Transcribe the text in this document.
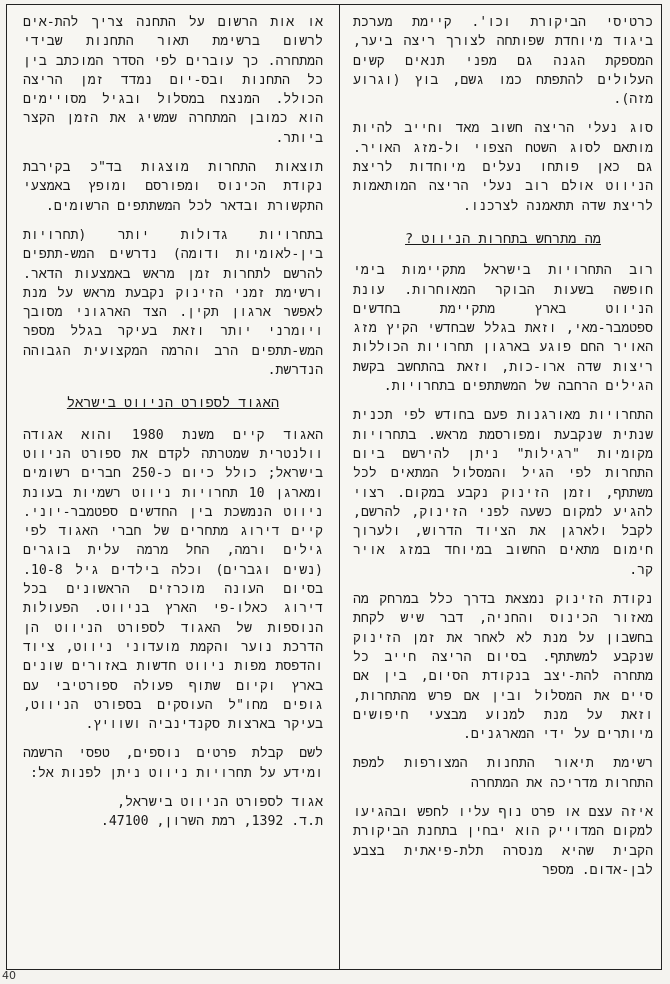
כרטיסי הביקורת וכו'. קיימת מערכת ביגוד מיוחדת שפותחה לצורך ריצה ביער, המספקת הגנה גם מפני תנאים קשים העלולים להתפתח כמו גשם, בוץ (וגרוע מזה).

סוג נעלי הריצה חשוב מאד וחייב להיות מותאם לסוג השטח הצפוי ול-מזג האויר. גם כאן פותחו נעלים מיוחדות לריצת הניווט אולם רוב נעלי הריצה המותאמות לריצת שדה תתאמנה לצרכנו.

מה מתרחש בתחרות הניווט ?

רוב התחרויות בישראל מתקיימות בימי חופשה בשעות הבוקר המאוחרות. עונת הניווט בארץ מתקיימת בחדשים ספטמבר-מאי, וזאת בגלל שבחדשי הקיץ מזג האויר החם פוגע בארגון תחרויות הכוללות ריצות שדה ארו-כות, וזאת בהתחשב בקשת הגילים הרחבה של המשתתפים בתחרויות.

התחרויות מאורגנות פעם בחודש לפי תכנית שנתית שנקבעת ומפורסמת מראש. בתחרויות מקומיות "רגילות" ניתן להירשם ביום התחרות לפי הגיל והמסלול המתאים לכל משתתף, וזמן הזינוק נקבע במקום. רצוי להגיע למקום כשעה לפני הזינוק, להרשם, לקבל ולארגן את הציוד הדרוש, ולערוך חימום מתאים החשוב במיוחד במזג אויר קר.

נקודת הזינוק נמצאת בדרך כלל במרחק מה מאזור הכינוס והחניה, דבר שיש לקחת בחשבון על מנת לא לאחר את זמן הזינוק שנקבע למשתתף. בסיום הריצה חייב כל מתחרה להת-יצב בנקודת הסיום, בין אם סיים את המסלול ובין אם פרש מהתחרות, וזאת על מנת למנוע מבצעי חיפושים מיותרים על ידי המארגנים.

רשימת תיאור התחנות המצורפות למפת התחרות מדריכה את המתחרה

איזה עצם או פרט נוף עליו לחפש ובהגיעו למקום המדוייק הוא יבחין בתחנת הביקורת הקבית שהיא מנסרה תלת-פיאתית בצבע לבן-אדום. מספר

או אות הרשום על התחנה צריך להת-אים לרשום ברשימת תאור התחנות שבידי המתחרה. כך עוברים לפי הסדר המוכתב בין כל התחנות ובס-יום נמדד זמן הריצה הכולל. המנצח במסלול ובגיל מסויימים הוא כמובן המתחרה שמשיג את הזמן הקצר ביותר.

תוצאות התחרות מוצגות בד"כ בקירבת נקודת הכינוס ומפורסם ומופץ באמצעי התקשורת ובדאר לכל המשתתפים הרשומים.

בתחרויות גדולות יותר (תחרויות בין-לאומיות ודומה) נדרשים המש-תתפים להרשם לתחרות זמן מראש באמצעות הדאר. ורשימת זמני הזינוק נקבעת מראש על מנת לאפשר ארגון תקין. הצד הארגוני מסובך ויומרני יותר וזאת בעיקר בגלל מספר המש-תתפים הרב והרמה המקצועית הגבוהה הנדרשת.

האגוד לספורט הניווט בישראל

האגוד קיים משנת 1980 והוא אגודה וולנטרית שמטרתה לקדם את ספורט הניווט בישראל; כולל כיום כ-250 חברים רשומים ומארגן 10 תחרויות ניווט רשמיות בעונת ניווט הנמשכת בין החדשים ספטמבר-יוני. קיים דירוג מתחרים של חברי האגוד לפי גילים ורמה, החל מרמה עלית בוגרים (נשים וגברים) וכלה בילדים גיל 10-8. בסיום העונה מוכרזים הראשונים בכל דירוג כאלו-פי הארץ בניווט. הפעולות הנוספות של האגוד לספורט הניווט הן הדרכת נוער והקמת מועדוני ניווט, ציוד והדפסת מפות ניווט חדשות באזורים שונים בארץ וקיום שתוף פעולה ספורטיבי עם גופים מחו"ל העוסקים בספורט הניווט, בעיקר בארצות סקנדינביה ושוויץ.

לשם קבלת פרטים נוספים, טפסי הרשמה ומידע על תחרויות ניווט ניתן לפנות אל:

אגוד לספורט הניווט בישראל,
ת.ד. 1392, רמת השרון, 47100.
40
